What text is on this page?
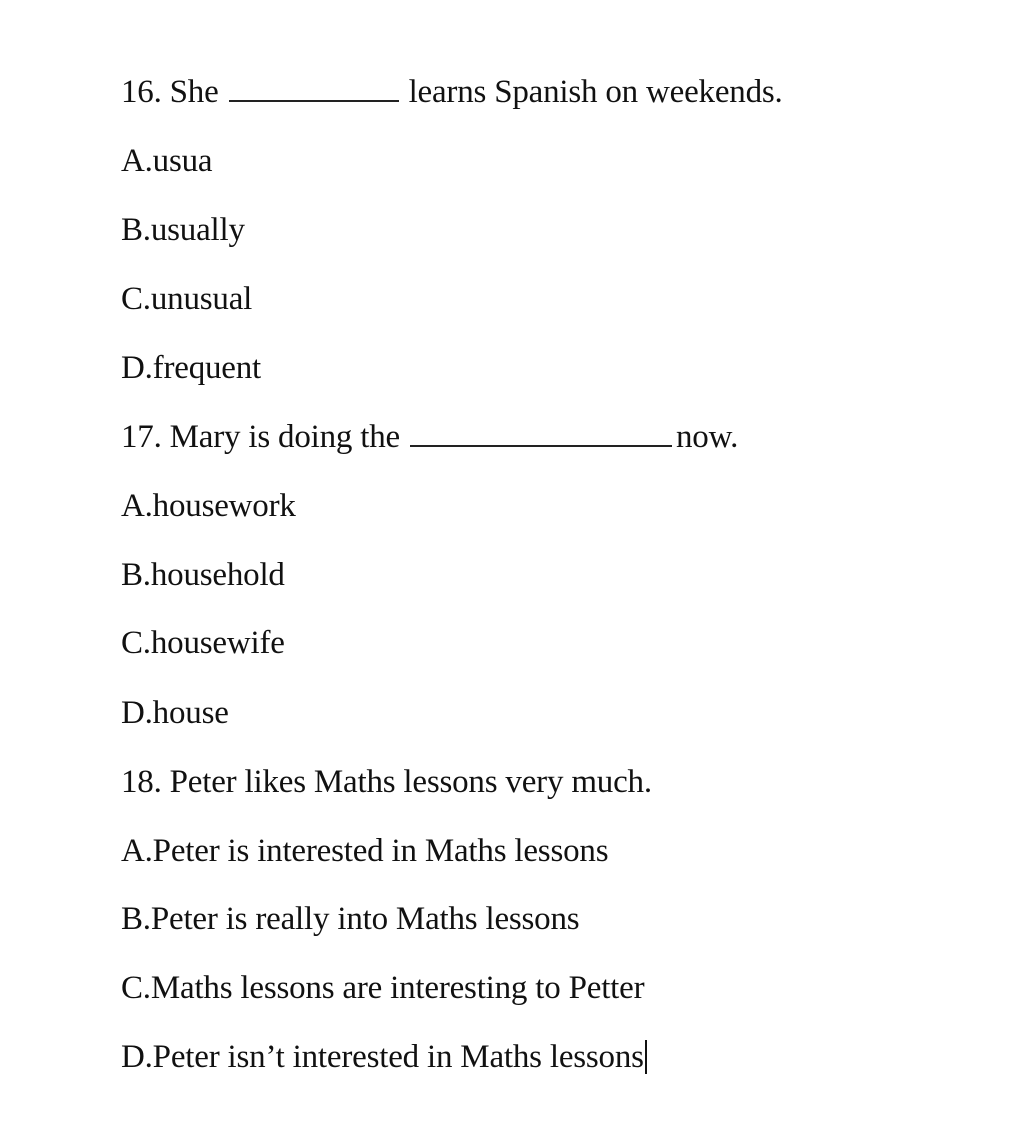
16. She	learns Spanish on weekends.
A.usua
B.usually
C.unusual
D.frequent
17. Mary is doing the	now.
A.housework
B.household
C.housewife
D.house
18. Peter likes Maths lessons very much.
A.Peter is interested in Maths lessons
B.Peter is really into Maths lessons
C.Maths lessons are interesting to Petter
D.Peter isn’t interested in Maths lessons
